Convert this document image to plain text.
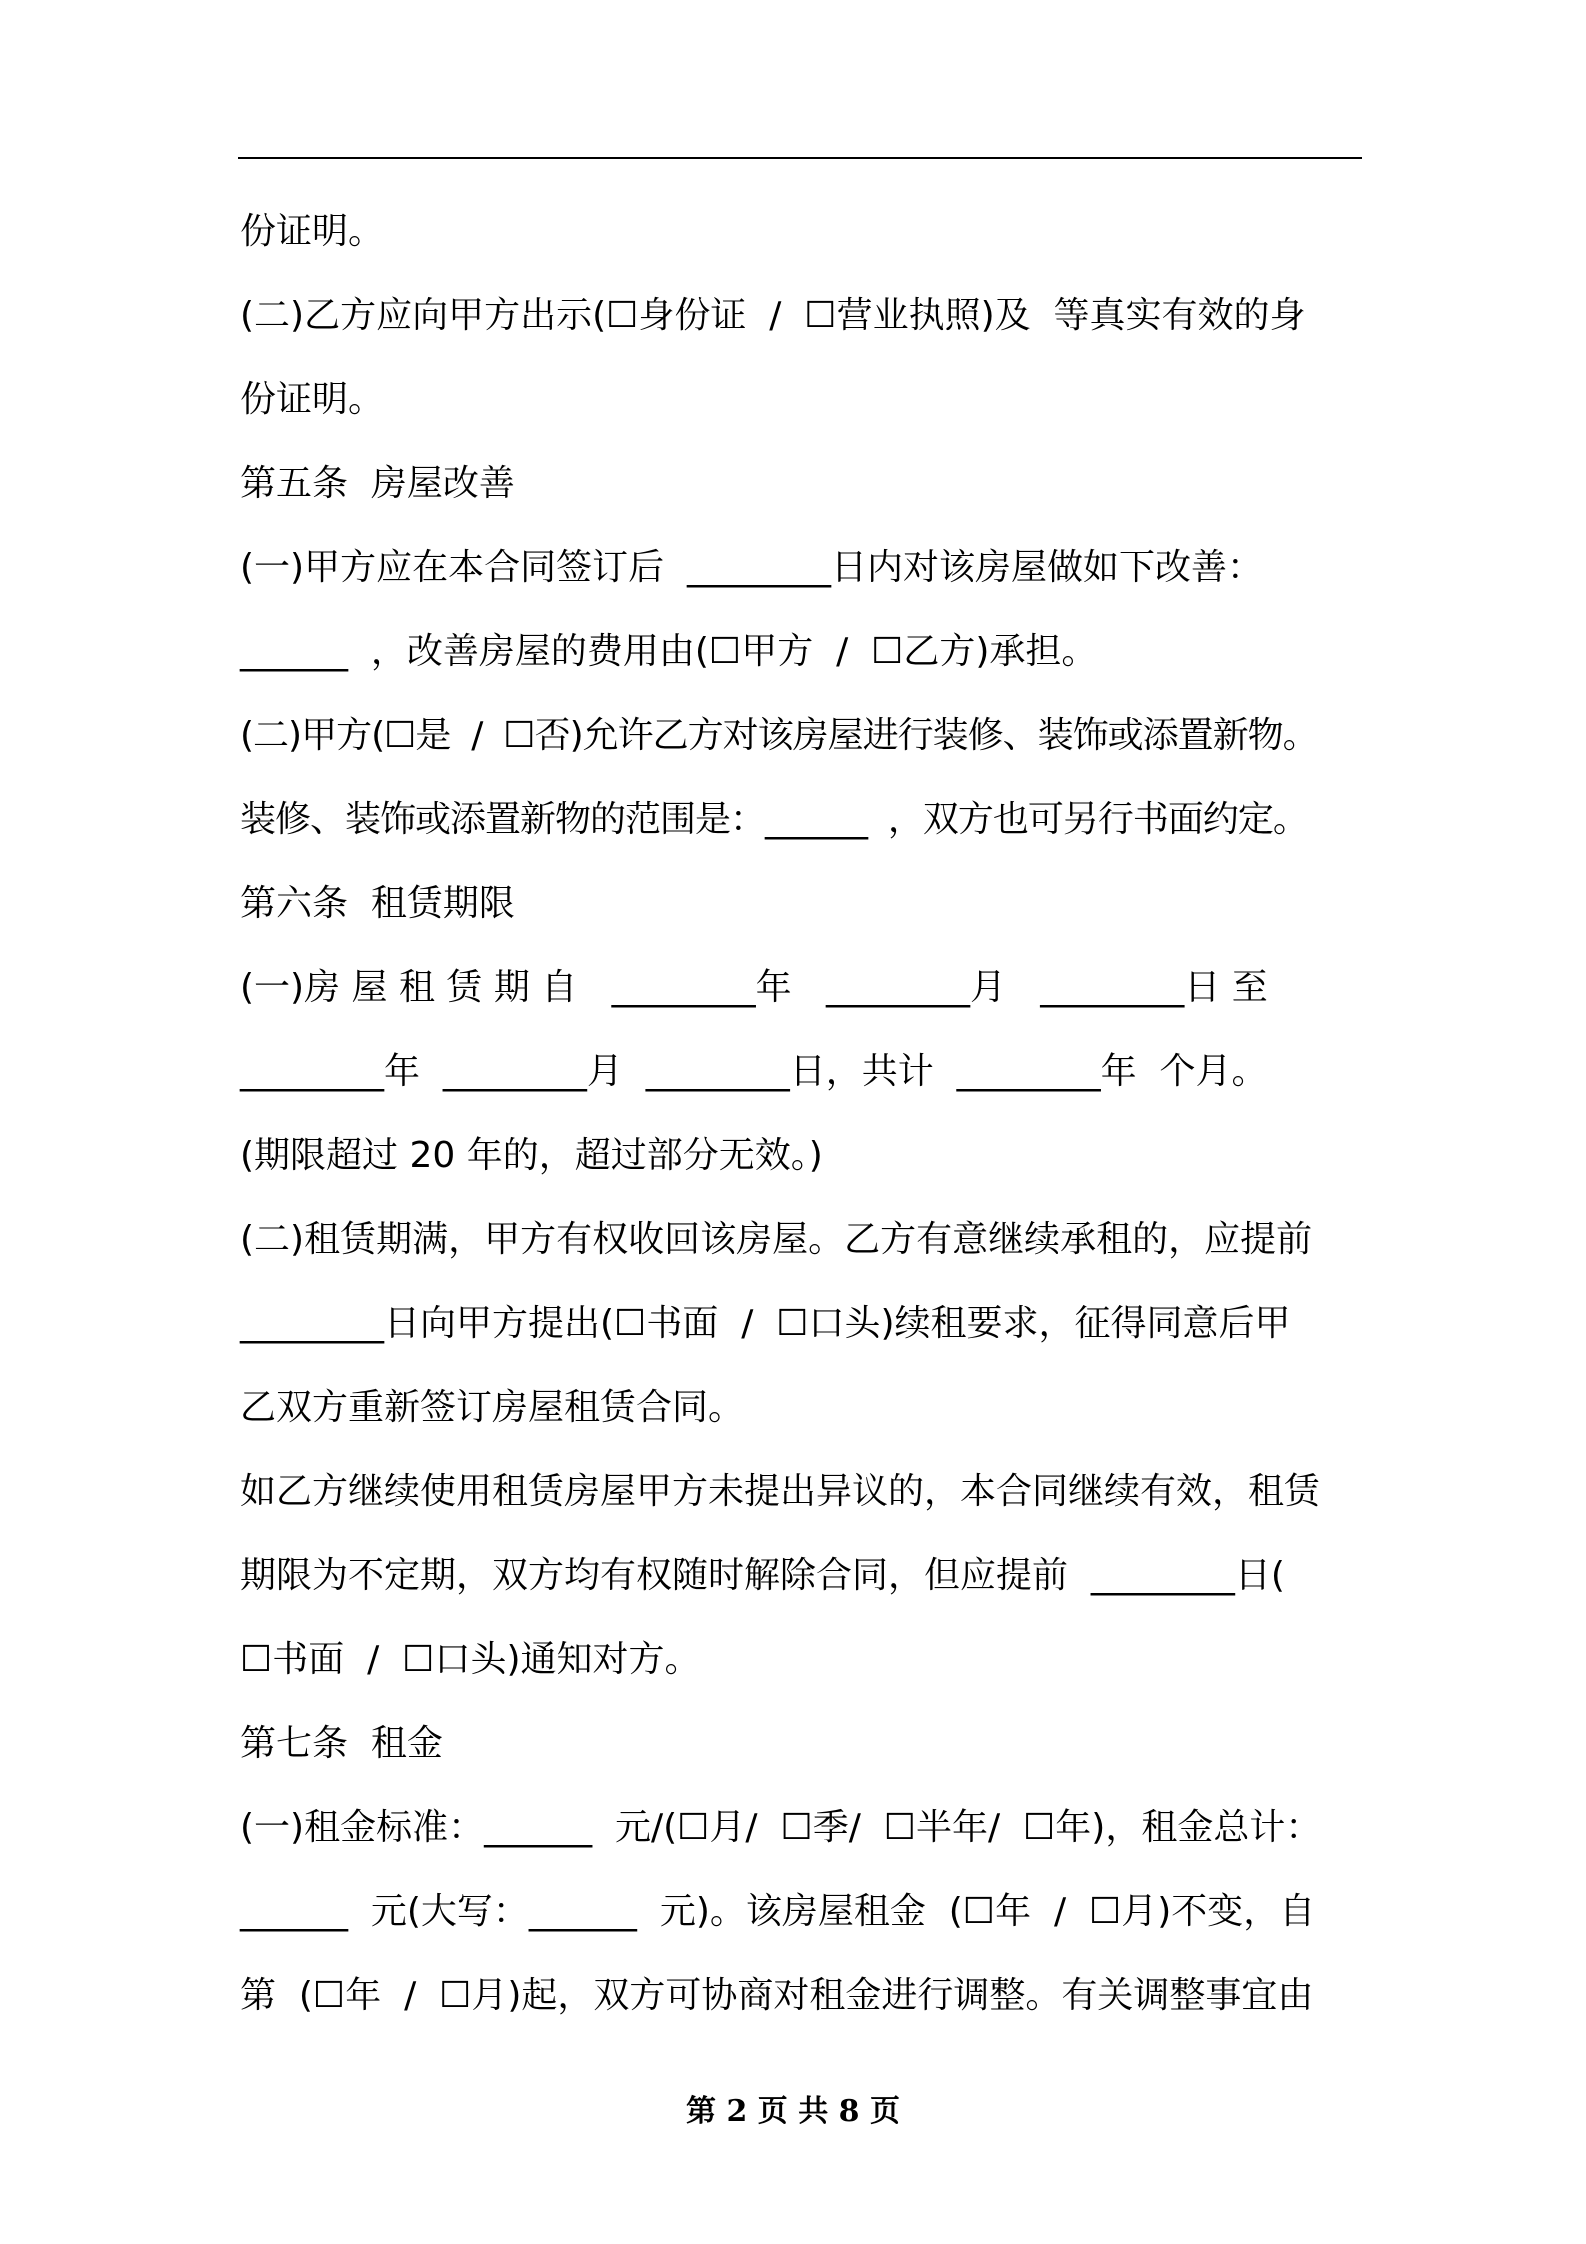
份证明。
(二)乙方应向甲方出示(☐身份证  /  ☐营业执照)及  等真实有效的身
份证明。
第五条  房屋改善
(一)甲方应在本合同签订后  ________日内对该房屋做如下改善：
______  ，改善房屋的费用由(☐甲方  /  ☐乙方)承担。
(二)甲方(☐是  /  ☐否)允许乙方对该房屋进行装修、装饰或添置新物。
装修、装饰或添置新物的范围是：______  ，双方也可另行书面约定。
第六条  租赁期限
(一)房 屋 租 赁 期 自   ________年   ________月   ________日 至
________年  ________月  ________日，共计  ________年  个月。
(期限超过 20 年的，超过部分无效。)
(二)租赁期满，甲方有权收回该房屋。乙方有意继续承租的，应提前
________日向甲方提出(☐书面  /  ☐口头)续租要求，征得同意后甲
乙双方重新签订房屋租赁合同。
如乙方继续使用租赁房屋甲方未提出异议的，本合同继续有效，租赁
期限为不定期，双方均有权随时解除合同，但应提前  ________日(
☐书面  /  ☐口头)通知对方。
第七条  租金
(一)租金标准：______  元/(☐月/  ☐季/  ☐半年/  ☐年)，租金总计：
______  元(大写：______  元)。该房屋租金  (☐年  /  ☐月)不变，自
第  (☐年  /  ☐月)起，双方可协商对租金进行调整。有关调整事宜由
第 2 页 共 8 页
